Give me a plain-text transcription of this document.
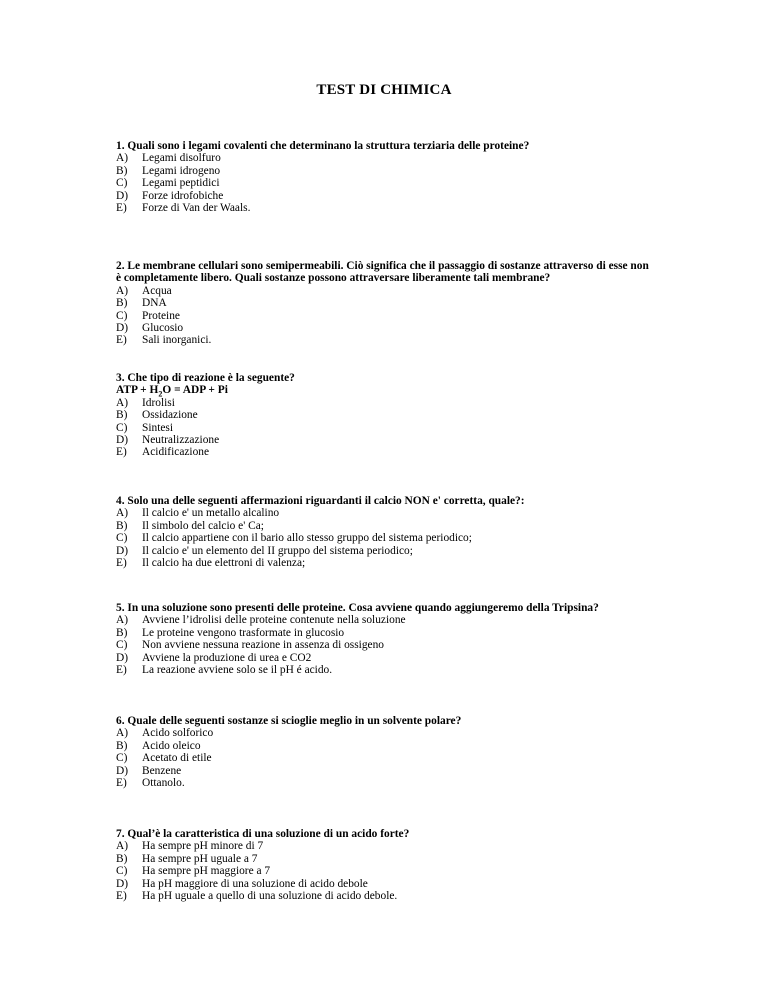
TEST DI CHIMICA

1. Quali sono i legami covalenti che determinano la struttura terziaria delle proteine?

A)	Legami disolfuro
B)	Legami idrogeno
C)	Legami peptidici
D)	Forze idrofobiche
E)	Forze di Van der Waals.

2. Le membrane cellulari sono semipermeabili. Ciò significa che il passaggio di sostanze attraverso di esse non è completamente libero. Quali sostanze possono attraversare liberamente tali membrane?

A)	Acqua
B)	DNA
C)	Proteine
D)	Glucosio
E)	Sali inorganici.

3. Che tipo di reazione è la seguente?

ATP + $H_2O$ = ADP + Pi

A)	Idrolisi
B)	Ossidazione
C)	Sintesi
D)	Neutralizzazione
E)	Acidificazione

4. Solo una delle seguenti affermazioni riguardanti il calcio NON e' corretta, quale?:

A)	Il calcio e' un metallo alcalino
B)	Il simbolo del calcio e' Ca;
C)	Il calcio appartiene con il bario allo stesso gruppo del sistema periodico;
D)	Il calcio e' un elemento del II gruppo del sistema periodico;
E)	Il calcio ha due elettroni di valenza;

5. In una soluzione sono presenti delle proteine. Cosa avviene quando aggiungeremo della Tripsina?

A)	Avviene l’idrolisi delle proteine contenute nella soluzione
B)	Le proteine vengono trasformate in glucosio
C)	Non avviene nessuna reazione in assenza di ossigeno
D)	Avviene la produzione di urea e CO2
E)	La reazione avviene solo se il pH é acido.

6. Quale delle seguenti sostanze si scioglie meglio in un solvente polare?

A)	Acido solforico
B)	Acido oleico
C)	Acetato di etile
D)	Benzene
E)	Ottanolo.

7. Qual’è la caratteristica di una soluzione di un acido forte?

A)	Ha sempre pH minore di 7
B)	Ha sempre pH uguale a 7
C)	Ha sempre pH maggiore a 7
D)	Ha pH maggiore di una soluzione di acido debole
E)	Ha pH uguale a quello di una soluzione di acido debole.
